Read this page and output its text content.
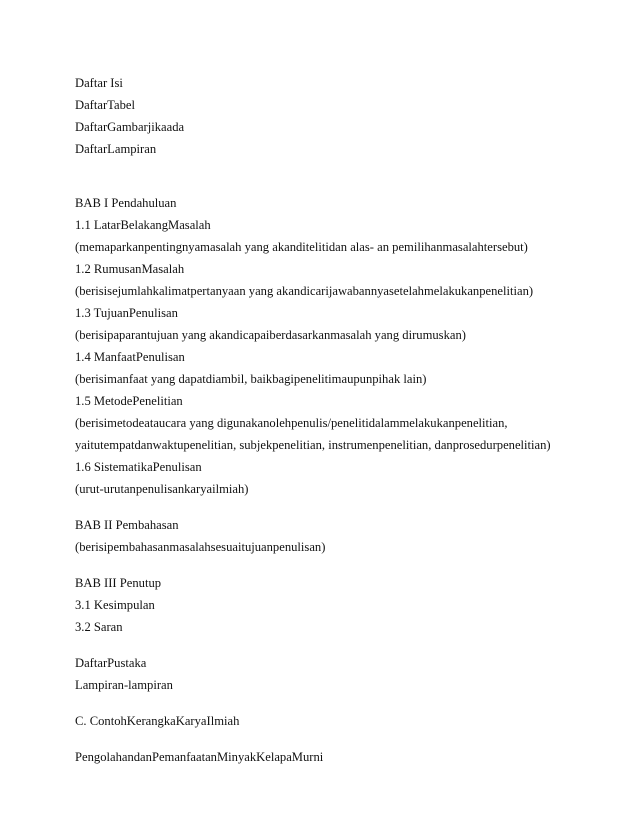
Daftar Isi
DaftarTabel
DaftarGambarjikaada
DaftarLampiran
BAB I Pendahuluan
1.1 LatarBelakangMasalah
(memaparkanpentingnyamasalah yang akanditelitidan alas- an pemilihanmasalahtersebut)
1.2 RumusanMasalah
(berisisejumlahkalimatpertanyaan yang akandicarijawabannyasetelahmelakukanpenelitian)
1.3 TujuanPenulisan
(berisipaparantujuan yang akandicapaiberdasarkanmasalah yang dirumuskan)
1.4 ManfaatPenulisan
(berisimanfaat yang dapatdiambil, baikbagipenelitimaupunpihak lain)
1.5 MetodePenelitian
(berisimetodeataucara yang digunakanolehpenulis/penelitidalammelakukanpenelitian,
yaitutempatdanwaktupenelitian, subjekpenelitian, instrumenpenelitian, danprosedurpenelitian)
1.6 SistematikaPenulisan
(urut-urutanpenulisankaryailmiah)
BAB II Pembahasan
(berisipembahasanmasalahsesuaitujuanpenulisan)
BAB III Penutup
3.1 Kesimpulan
3.2 Saran
DaftarPustaka
Lampiran-lampiran
C. ContohKerangkaKaryaIlmiah
PengolahandanPemanfaatanMinyakKelapaMurni
